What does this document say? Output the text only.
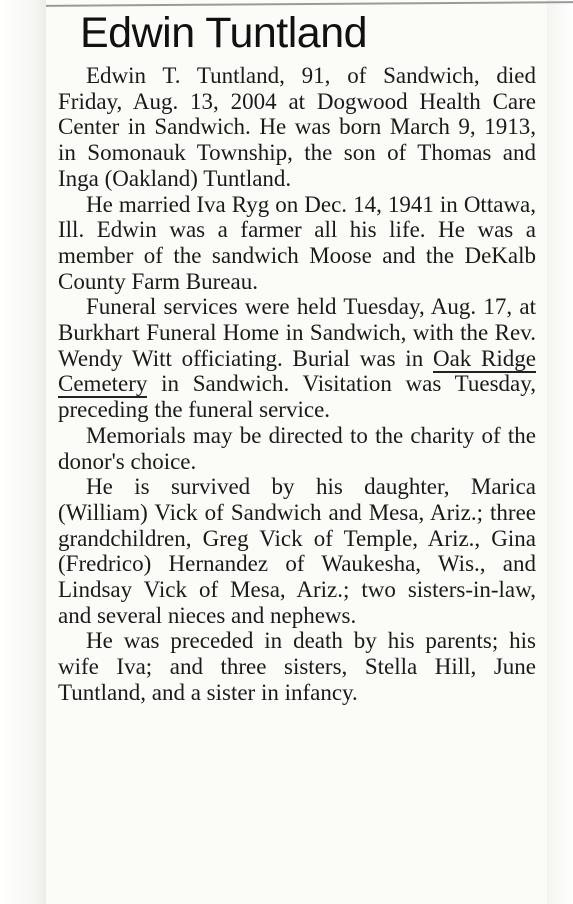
Edwin Tuntland

Edwin T. Tuntland, 91, of Sandwich, died Friday, Aug. 13, 2004 at Dogwood Health Care Center in Sandwich. He was born March 9, 1913, in Somonauk Township, the son of Thomas and Inga (Oakland) Tuntland.

He married Iva Ryg on Dec. 14, 1941 in Ottawa, Ill. Edwin was a farmer all his life. He was a member of the sandwich Moose and the DeKalb County Farm Bureau.

Funeral services were held Tuesday, Aug. 17, at Burkhart Funeral Home in Sandwich, with the Rev. Wendy Witt officiating. Burial was in Oak Ridge Cemetery in Sandwich. Visitation was Tuesday, preceding the funeral service.

Memorials may be directed to the charity of the donor's choice.

He is survived by his daughter, Marica (William) Vick of Sandwich and Mesa, Ariz.; three grandchildren, Greg Vick of Temple, Ariz., Gina (Fredrico) Hernandez of Waukesha, Wis., and Lindsay Vick of Mesa, Ariz.; two sisters-in-law, and several nieces and nephews.

He was preceded in death by his parents; his wife Iva; and three sisters, Stella Hill, June Tuntland, and a sister in infancy.
